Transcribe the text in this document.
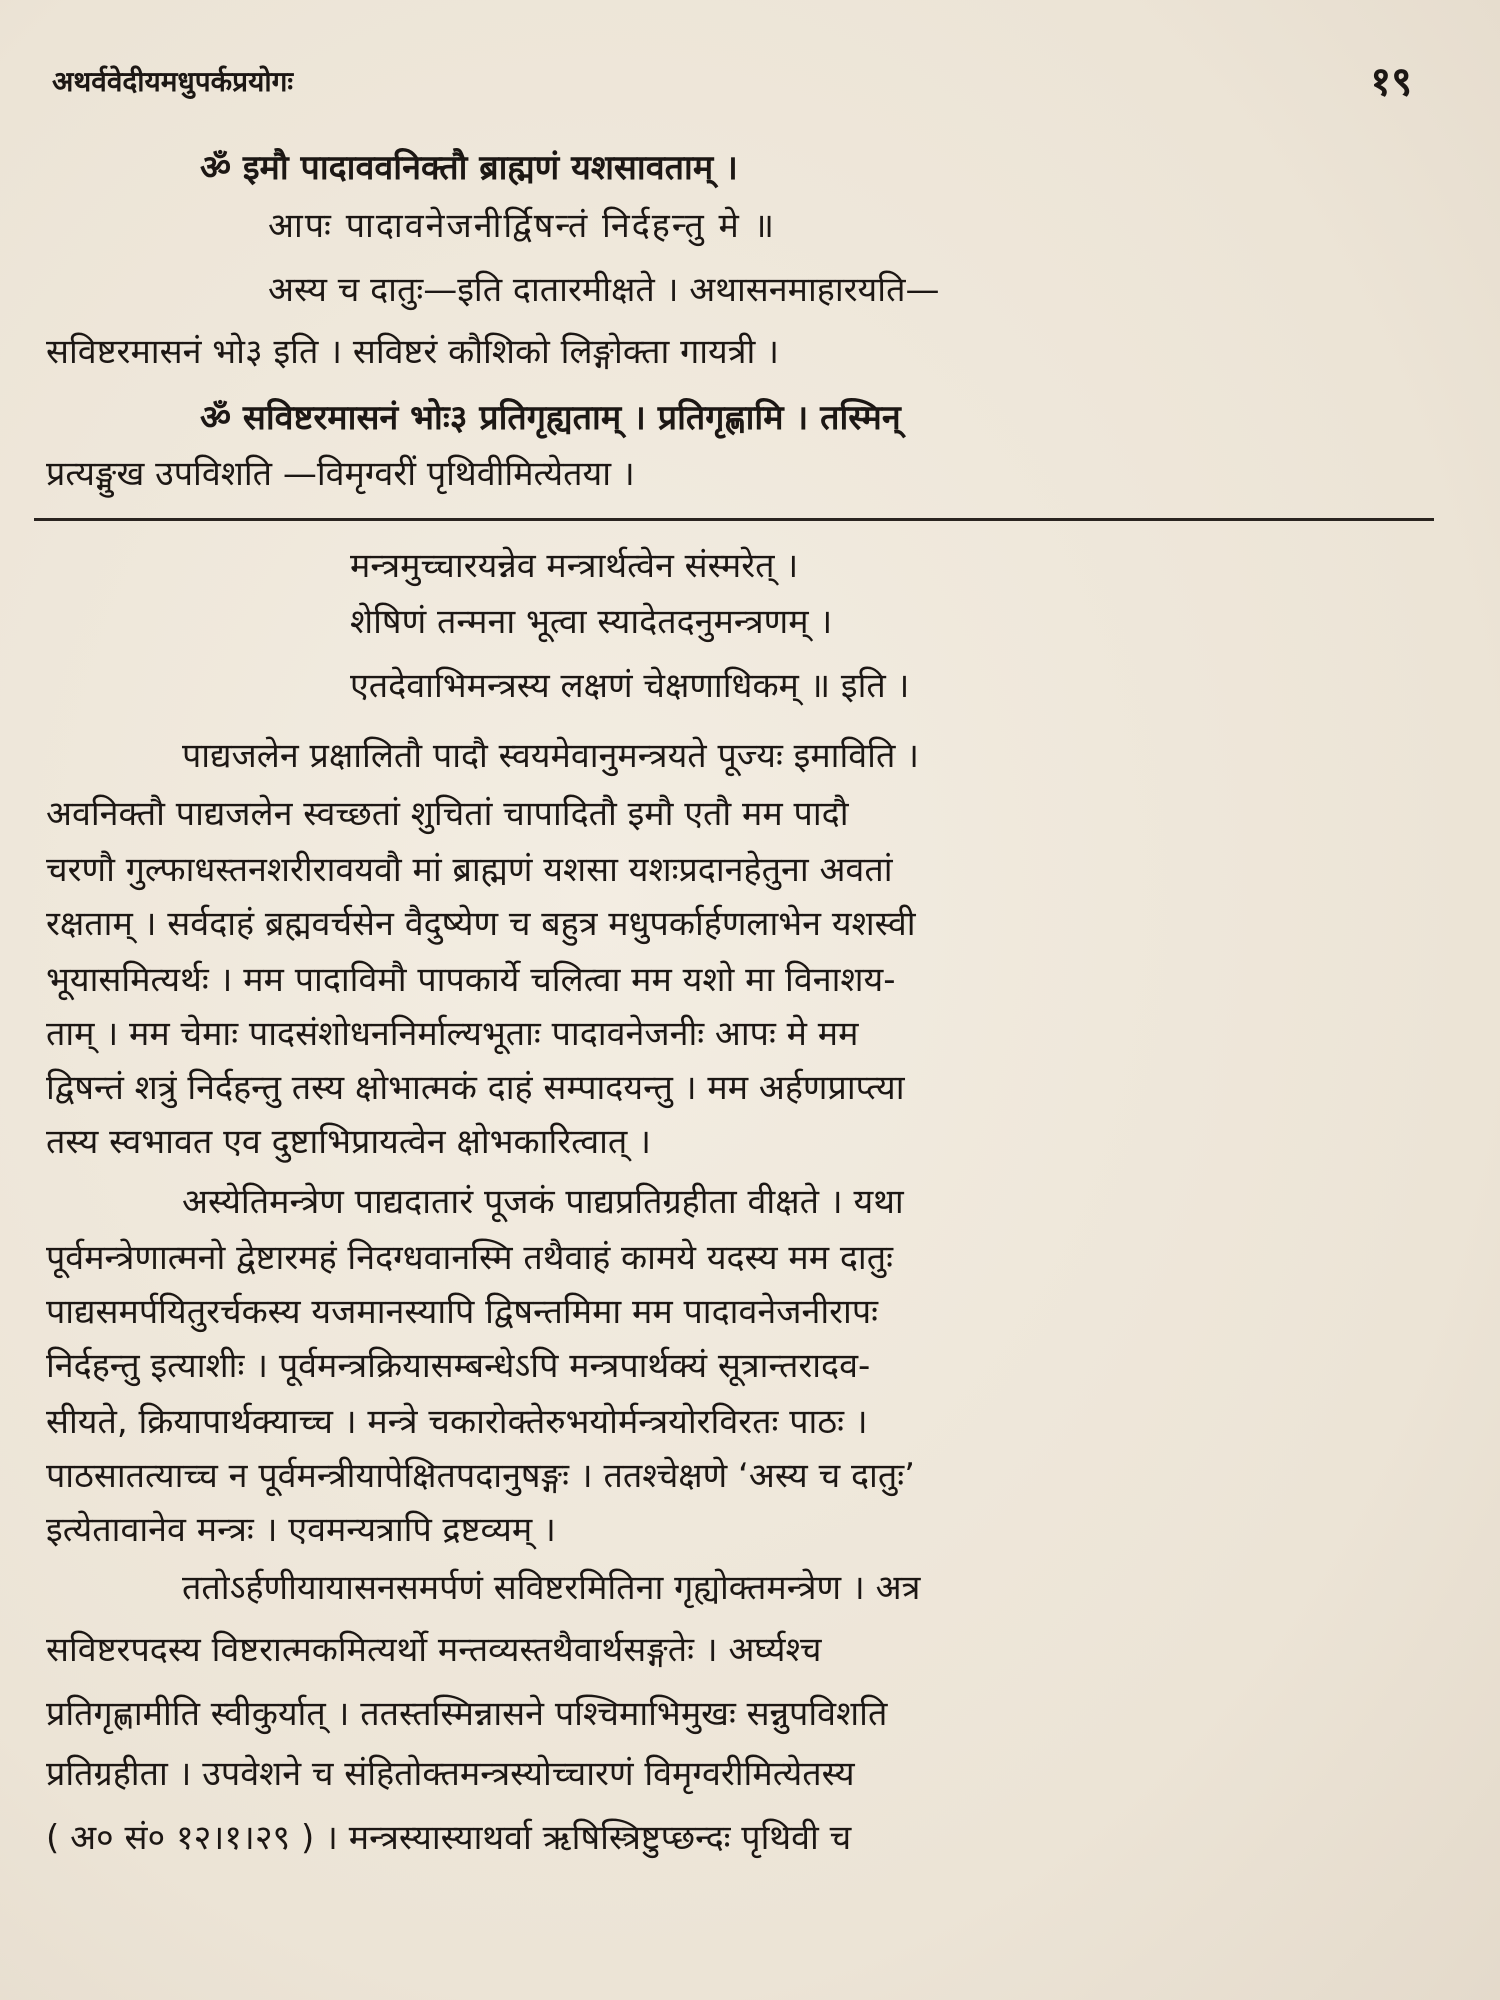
अथर्ववेदीयमधुपर्कप्रयोगः	१९
ॐ इमौ पादाववनिक्तौ ब्राह्मणं यशसावताम् ।
आपः पादावनेजनीर्द्विषन्तं निर्दहन्तु मे ॥
अस्य च दातुः—इति दातारमीक्षते । अथासनमाहारयति—
सविष्टरमासनं भो३ इति । सविष्टरं कौशिको लिङ्गोक्ता गायत्री ।
ॐ सविष्टरमासनं भोः३ प्रतिगृह्यताम् । प्रतिगृह्णामि । तस्मिन्
प्रत्यङ्मुख उपविशति —विमृग्वरीं पृथिवीमित्येतया ।
मन्त्रमुच्चारयन्नेव मन्त्रार्थत्वेन संस्मरेत् ।
शेषिणं तन्मना भूत्वा स्यादेतदनुमन्त्रणम् ।
एतदेवाभिमन्त्रस्य लक्षणं चेक्षणाधिकम् ॥ इति ।
पाद्यजलेन प्रक्षालितौ पादौ स्वयमेवानुमन्त्रयते पूज्यः इमाविति ।
अवनिक्तौ पाद्यजलेन स्वच्छतां शुचितां चापादितौ इमौ एतौ मम पादौ
चरणौ गुल्फाधस्तनशरीरावयवौ मां ब्राह्मणं यशसा यशःप्रदानहेतुना अवतां
रक्षताम् । सर्वदाहं ब्रह्मवर्चसेन वैदुष्येण च बहुत्र मधुपर्कार्हणलाभेन यशस्वी
भूयासमित्यर्थः । मम पादाविमौ पापकार्ये चलित्वा मम यशो मा विनाशय-
ताम् । मम चेमाः पादसंशोधननिर्माल्यभूताः पादावनेजनीः आपः मे मम
द्विषन्तं शत्रुं निर्दहन्तु तस्य क्षोभात्मकं दाहं सम्पादयन्तु । मम अर्हणप्राप्त्या
तस्य स्वभावत एव दुष्टाभिप्रायत्वेन क्षोभकारित्वात् ।
अस्येतिमन्त्रेण पाद्यदातारं पूजकं पाद्यप्रतिग्रहीता वीक्षते । यथा
पूर्वमन्त्रेणात्मनो द्वेष्टारमहं निदग्धवानस्मि तथैवाहं कामये यदस्य मम दातुः
पाद्यसमर्पयितुरर्चकस्य यजमानस्यापि द्विषन्तमिमा मम पादावनेजनीरापः
निर्दहन्तु इत्याशीः । पूर्वमन्त्रक्रियासम्बन्धेऽपि मन्त्रपार्थक्यं सूत्रान्तरादव-
सीयते, क्रियापार्थक्याच्च । मन्त्रे चकारोक्तेरुभयोर्मन्त्रयोरविरतः पाठः ।
पाठसातत्याच्च न पूर्वमन्त्रीयापेक्षितपदानुषङ्गः । ततश्चेक्षणे ‘अस्य च दातुः’
इत्येतावानेव मन्त्रः । एवमन्यत्रापि द्रष्टव्यम् ।
ततोऽर्हणीयायासनसमर्पणं सविष्टरमितिना गृह्योक्तमन्त्रेण । अत्र
सविष्टरपदस्य विष्टरात्मकमित्यर्थो मन्तव्यस्तथैवार्थसङ्गतेः । अर्घ्यश्च
प्रतिगृह्णामीति स्वीकुर्यात् । ततस्तस्मिन्नासने पश्चिमाभिमुखः सन्नुपविशति
प्रतिग्रहीता । उपवेशने च संहितोक्तमन्त्रस्योच्चारणं विमृग्वरीमित्येतस्य
( अ० सं० १२।१।२९ ) । मन्त्रस्यास्याथर्वा ऋषिस्त्रिष्टुप्छन्दः पृथिवी च
